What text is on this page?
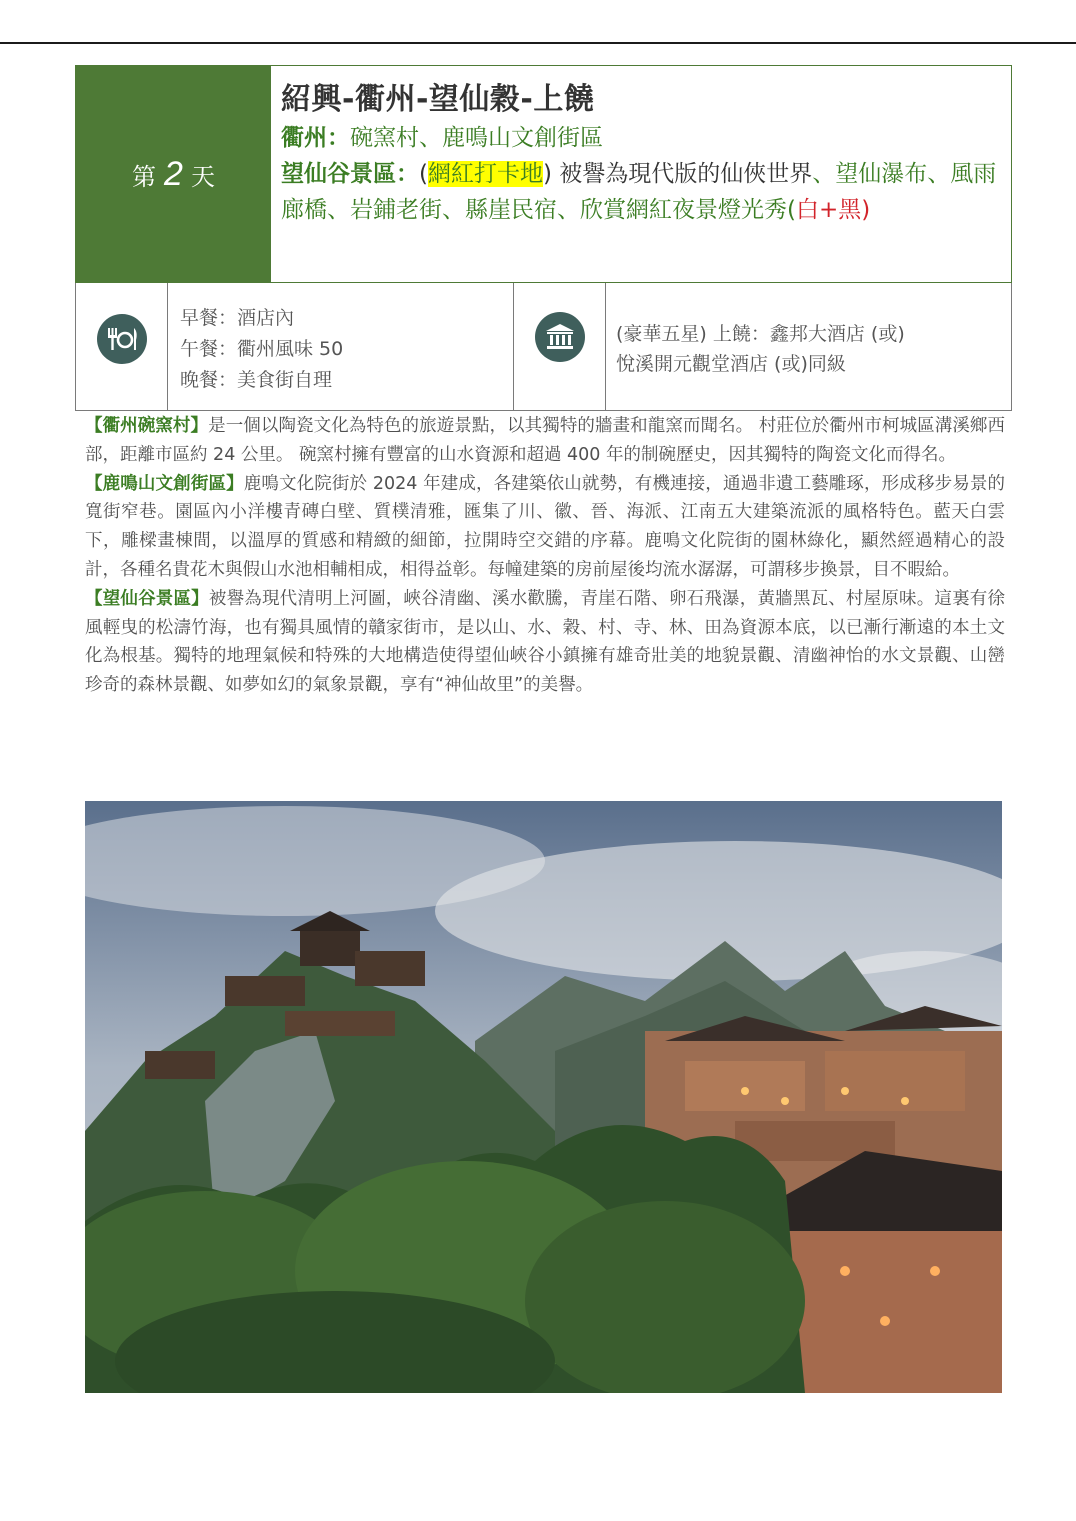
第 2 天
紹興-衢州-望仙穀-上饒
衢州：碗窯村、鹿鳴山文創街區
望仙谷景區：(網紅打卡地) 被譽為現代版的仙俠世界、望仙瀑布、風雨廊橋、岩鋪老街、縣崖民宿、欣賞網紅夜景燈光秀(白+黑)
早餐：酒店內
午餐：衢州風味 50
晚餐：美食街自理
(豪華五星) 上饒：鑫邦大酒店 (或)
悅溪開元觀堂酒店 (或)同級

【衢州碗窯村】是一個以陶瓷文化為特色的旅遊景點，以其獨特的牆畫和龍窯而聞名。 村莊位於衢州市柯城區溝溪鄉西部，距離市區約 24 公里。 碗窯村擁有豐富的山水資源和超過 400 年的制碗歷史，因其獨特的陶瓷文化而得名。

【鹿鳴山文創街區】鹿鳴文化院街於 2024 年建成，各建築依山就勢，有機連接，通過非遺工藝雕琢，形成移步易景的寬街窄巷。園區內小洋樓青磚白壁、質樸清雅，匯集了川、徽、晉、海派、江南五大建築流派的風格特色。藍天白雲下，雕樑畫棟間，以溫厚的質感和精緻的細節，拉開時空交錯的序幕。鹿鳴文化院街的園林綠化，顯然經過精心的設計，各種名貴花木與假山水池相輔相成，相得益彰。每幢建築的房前屋後均流水潺潺，可謂移步換景，目不暇給。

【望仙谷景區】被譽為現代清明上河圖，峽谷清幽、溪水歡騰，青崖石階、卵石飛瀑，黃牆黑瓦、村屋原味。這裏有徐風輕曳的松濤竹海，也有獨具風情的贛家街市，是以山、水、穀、村、寺、林、田為資源本底，以已漸行漸遠的本土文化為根基。獨特的地理氣候和特殊的大地構造使得望仙峽谷小鎮擁有雄奇壯美的地貌景觀、清幽神怡的水文景觀、山巒珍奇的森林景觀、如夢如幻的氣象景觀，享有“神仙故里”的美譽。
